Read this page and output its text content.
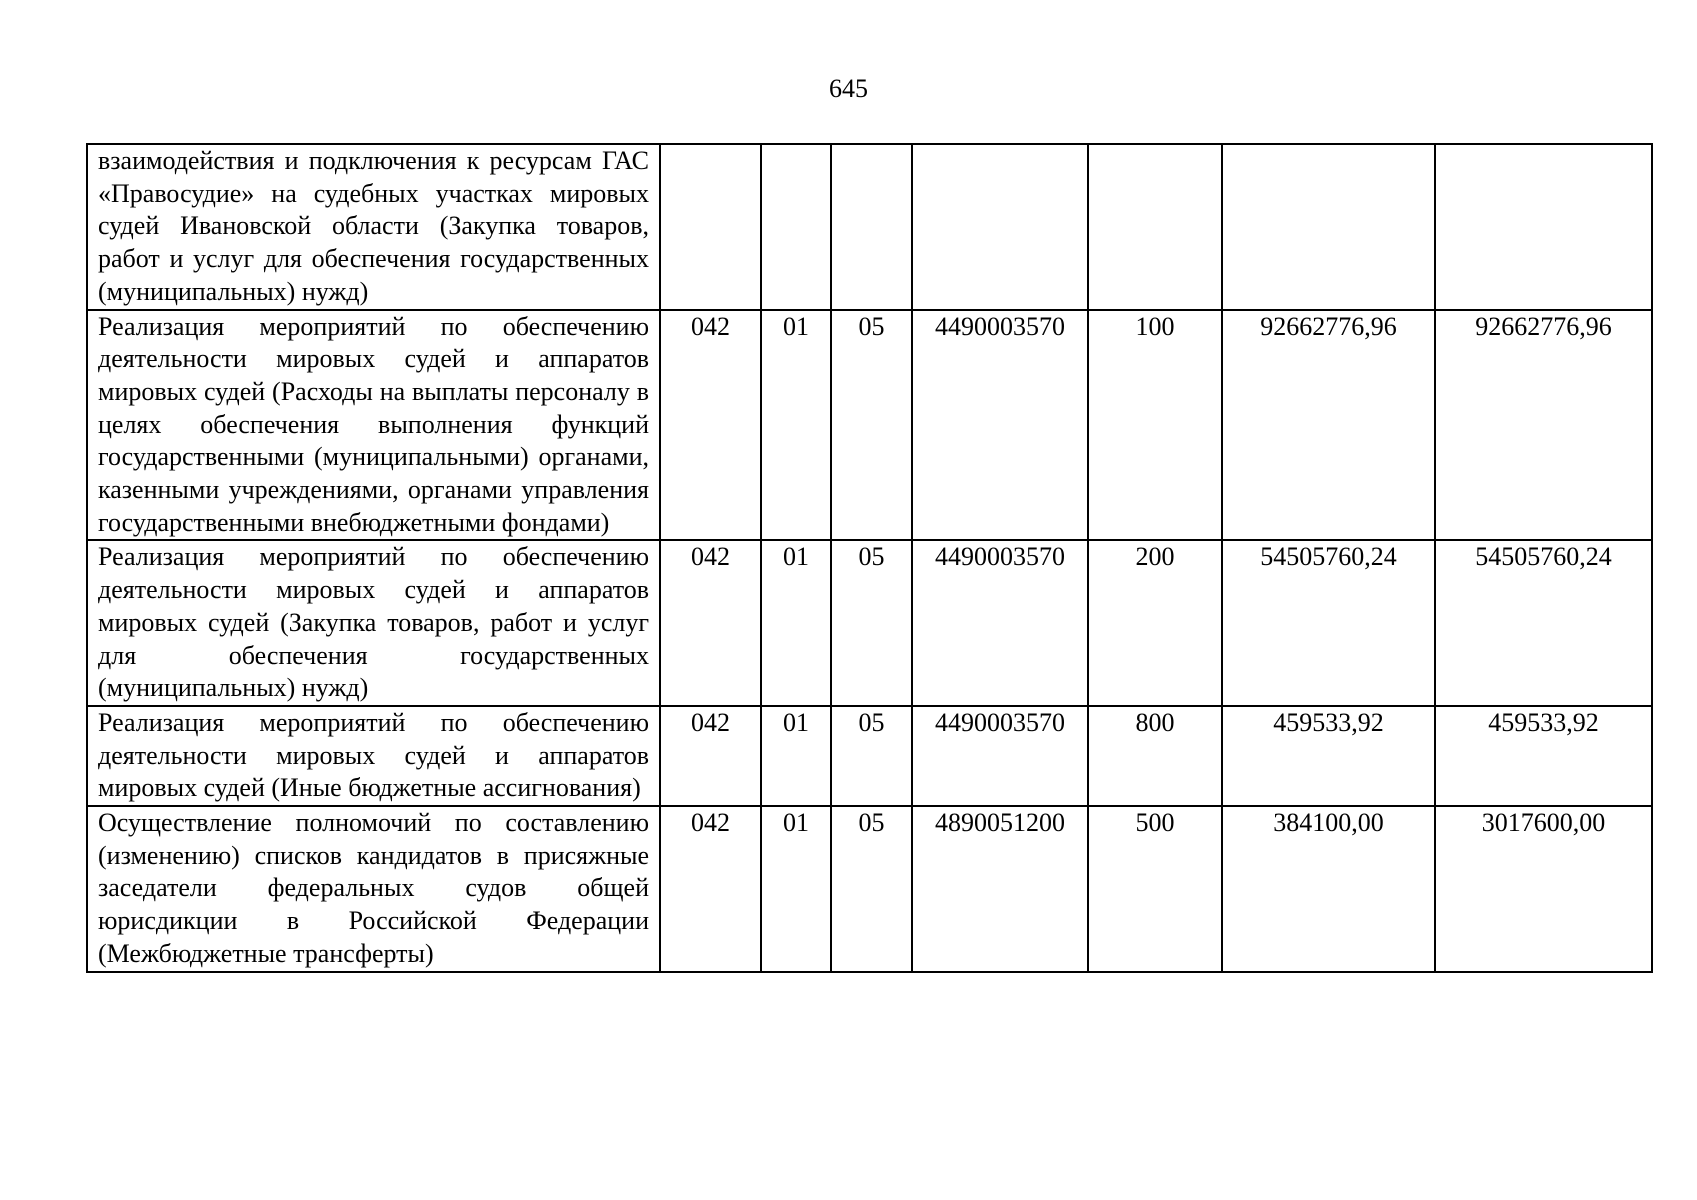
645
взаимодействия и подключения к ресурсам ГАС «Правосудие» на судебных участках мировых судей Ивановской области (Закупка товаров, работ и услуг для обеспечения государственных (муниципальных) нужд)							
Реализация мероприятий по обеспечению деятельности мировых судей и аппаратов мировых судей (Расходы на выплаты персоналу в целях обеспечения выполнения функций государственными (муниципальными) органами, казенными учреждениями, органами управления государственными внебюджетными фондами)	042	01	05	4490003570	100	92662776,96	92662776,96
Реализация мероприятий по обеспечению деятельности мировых судей и аппаратов мировых судей (Закупка товаров, работ и услуг для обеспечения государственных (муниципальных) нужд)	042	01	05	4490003570	200	54505760,24	54505760,24
Реализация мероприятий по обеспечению деятельности мировых судей и аппаратов мировых судей (Иные бюджетные ассигнования)	042	01	05	4490003570	800	459533,92	459533,92
Осуществление полномочий по составлению (изменению) списков кандидатов в присяжные заседатели федеральных судов общей юрисдикции в Российской Федерации (Межбюджетные трансферты)	042	01	05	4890051200	500	384100,00	3017600,00
